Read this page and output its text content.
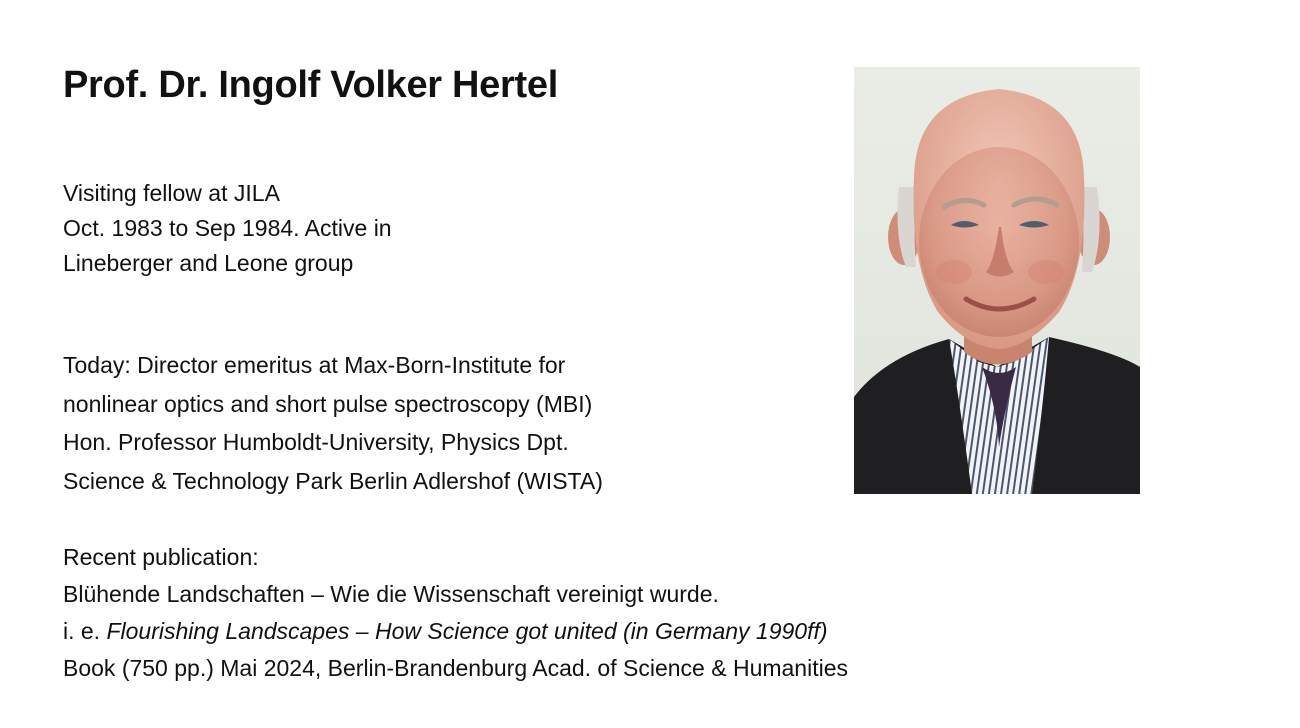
Prof. Dr. Ingolf Volker Hertel
Visiting fellow at JILA
Oct. 1983 to Sep 1984. Active in
Lineberger and Leone group
Today: Director emeritus at Max-Born-Institute for
nonlinear optics and short pulse spectroscopy (MBI)
Hon. Professor Humboldt-University, Physics Dpt.
Science & Technology Park Berlin Adlershof (WISTA)
Recent publication:
Blühende Landschaften – Wie die Wissenschaft vereinigt wurde.
i. e. Flourishing Landscapes – How Science got united (in Germany 1990ff)
Book (750 pp.) Mai 2024, Berlin-Brandenburg Acad. of Science & Humanities
